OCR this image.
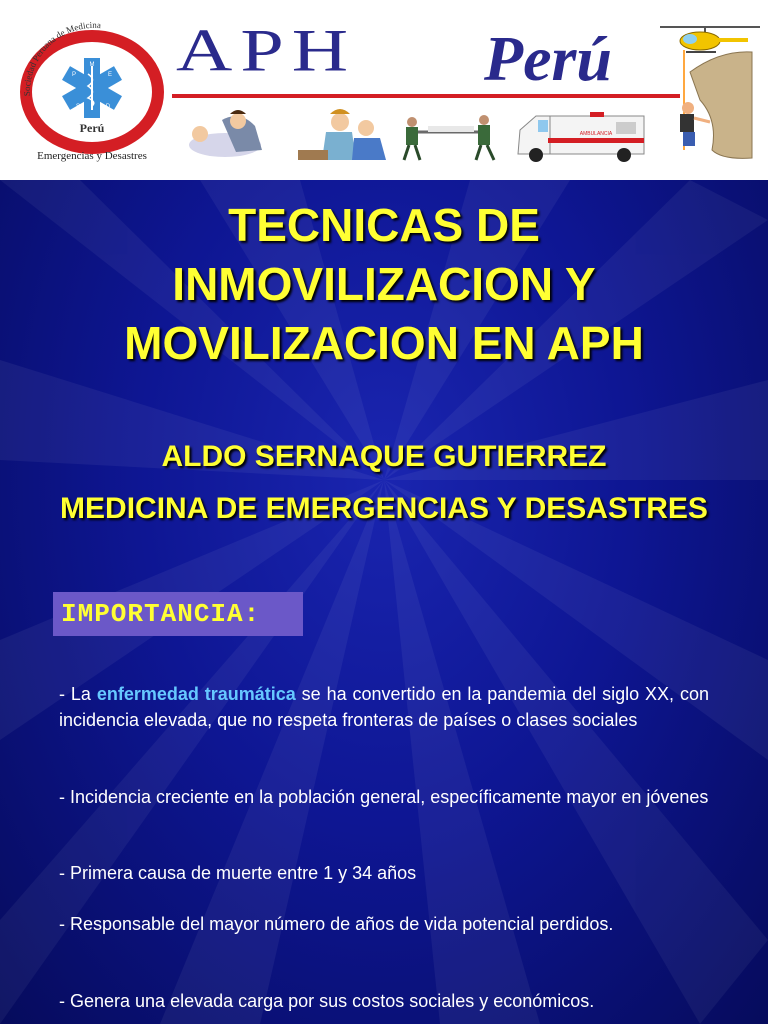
Sociedad Peruana de Medicina
M
P	E
S	D
Perú
Emergencias y Desastres
APH Perú
AMBULANCIA
TECNICAS DE
INMOVILIZACION Y
MOVILIZACION EN APH
ALDO SERNAQUE GUTIERREZ
MEDICINA DE EMERGENCIAS Y DESASTRES
IMPORTANCIA:

- La enfermedad traumática se ha convertido en la pandemia del siglo XX, con incidencia elevada, que no respeta fronteras de países o clases sociales

- Incidencia creciente en la población general, específicamente mayor en jóvenes

- Primera causa de muerte entre 1 y 34 años

- Responsable del mayor número de años de vida potencial perdidos.

- Genera una elevada carga por sus costos sociales y económicos.
